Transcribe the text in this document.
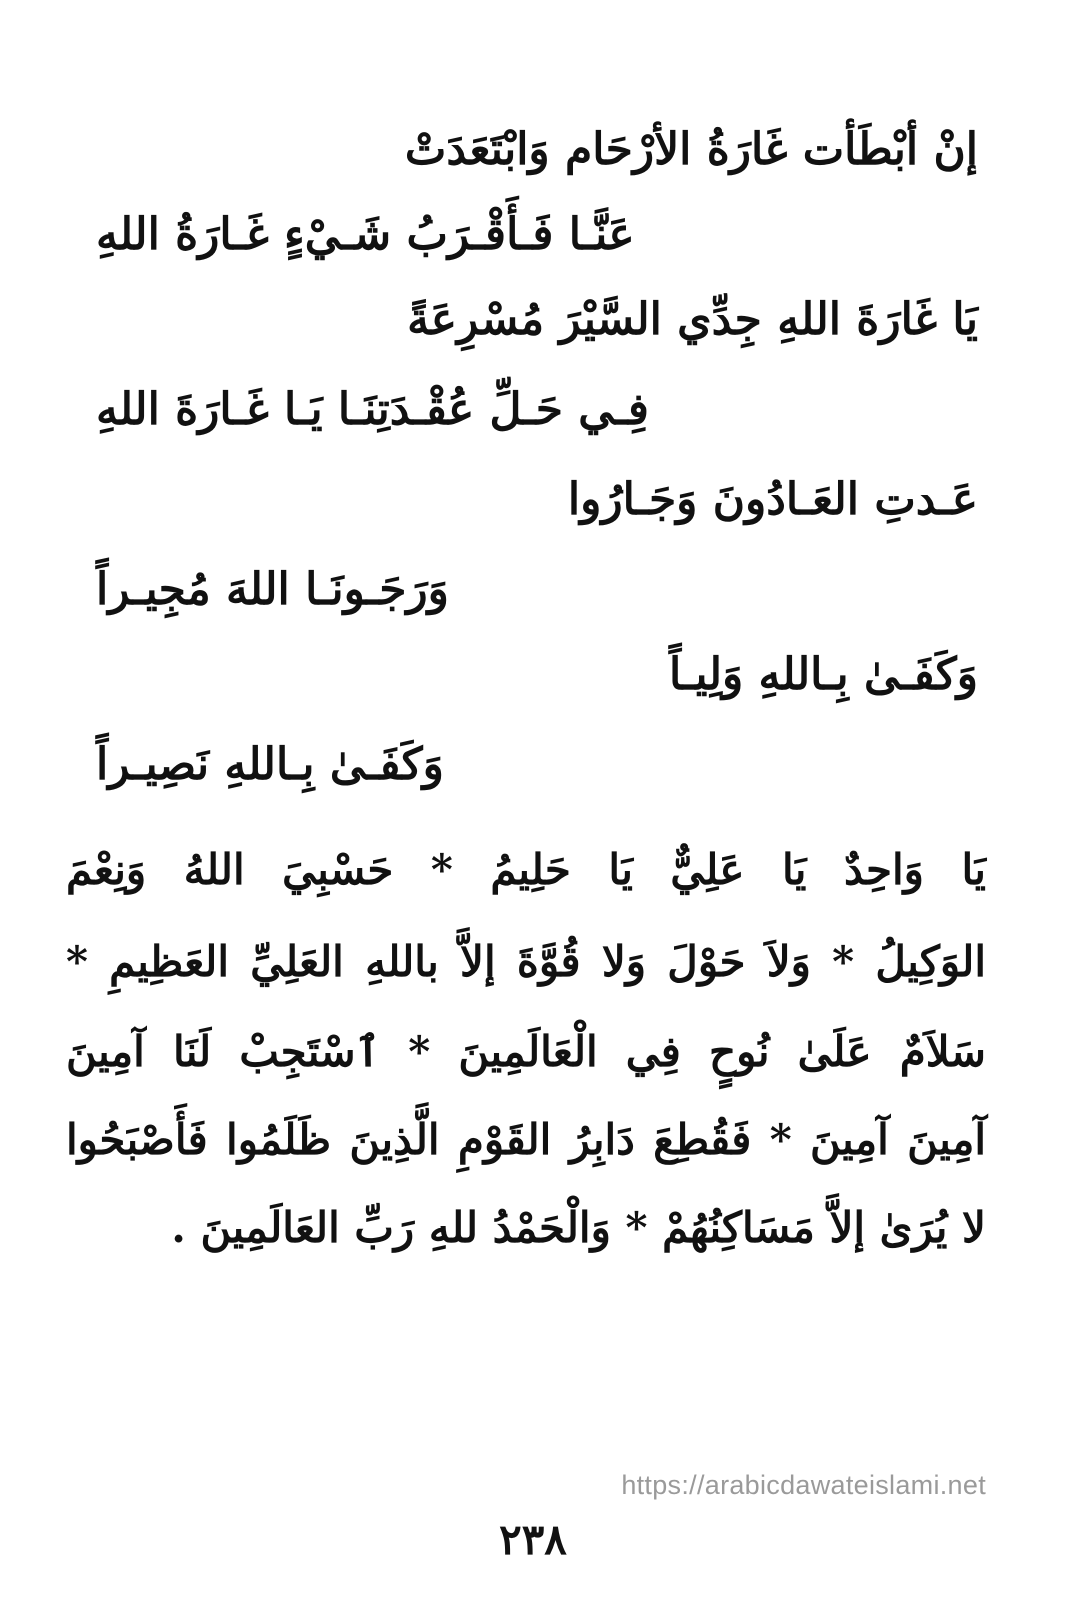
إنْ أبْطَأت غَارَةُ الأرْحَام وَابْتَعَدَتْ
عَنَّـا فَـأَقْـرَبُ شَـيْءٍ غَـارَةُ اللهِ
يَا غَارَةَ اللهِ جِدِّي السَّيْرَ مُسْرِعَةً
فِـي حَـلِّ عُقْـدَتِنَـا يَـا غَـارَةَ اللهِ
عَـدتِ العَـادُونَ وَجَـارُوا
وَرَجَـونَـا اللهَ مُجِيـراً
وَكَفَـىٰ بِـاللهِ وَلِيـاً
وَكَفَـىٰ بِـاللهِ نَصِيـراً
يَا وَاحِدٌ يَا عَلِيٌّ يَا حَلِيمُ * حَسْبِيَ اللهُ وَنِعْمَ
الوَكِيلُ * وَلاَ حَوْلَ وَلا قُوَّةَ إلاَّ باللهِ العَلِيِّ العَظِيمِ *
سَلاَمٌ عَلَىٰ نُوحٍ فِي الْعَالَمِينَ * ٱسْتَجِبْ لَنَا آمِينَ
آمِينَ آمِينَ * فَقُطِعَ دَابِرُ القَوْمِ الَّذِينَ ظَلَمُوا فَأَصْبَحُوا
لا يُرَىٰ إلاَّ مَسَاكِنُهُمْ * وَالْحَمْدُ للهِ رَبِّ العَالَمِينَ .
https://arabicdawateislami.net
٢٣٨
